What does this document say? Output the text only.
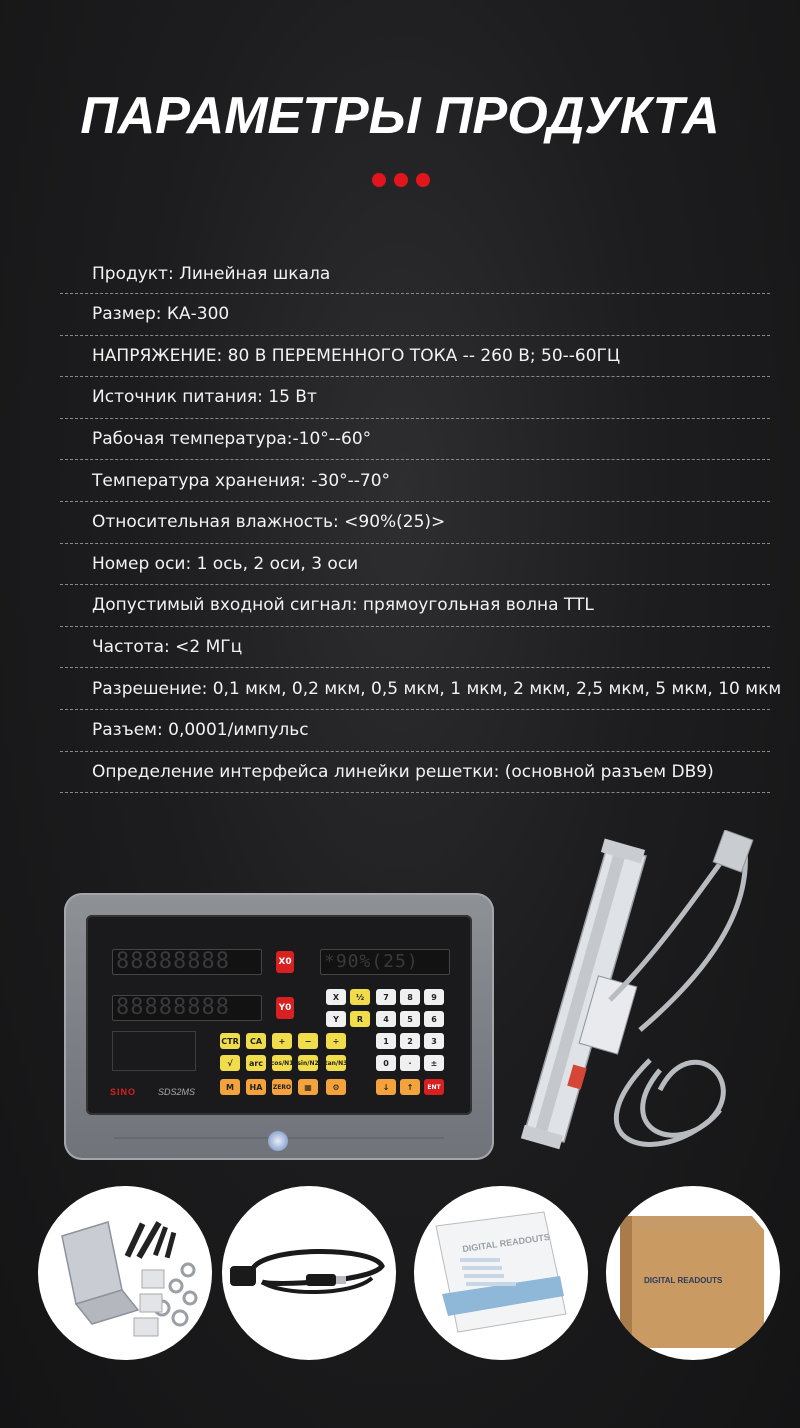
ПАРАМЕТРЫ ПРОДУКТА
Продукт: Линейная шкала
Размер: КА-300
НАПРЯЖЕНИЕ: 80 В ПЕРЕМЕННОГО ТОКА -- 260 В; 50--60ГЦ
Источник питания: 15 Вт
Рабочая температура:-10°--60°
Температура хранения: -30°--70°
Относительная влажность: <90%(25)>
Номер оси: 1 ось, 2 оси, 3 оси
Допустимый входной сигнал: прямоугольная волна TTL
Частота: <2 МГц
Разрешение: 0,1 мкм, 0,2 мкм, 0,5 мкм, 1 мкм, 2 мкм, 2,5 мкм, 5 мкм, 10 мкм
Разъем: 0,0001/импульс
Определение интерфейса линейки решетки: (основной разъем DB9)
88888888	X0 *90%(25)
88888888	Y0
X	½	7	8	9
Y	R	4	5	6
CTR	CA	+	−	÷	1	2	3
√	arc	cos/N1 sin/N2 tan/N3	0	·	±
M	HA	ZERO	▦	⚙	↓	↑	ENT
SINO SDS2MS
DIGITAL READOUTS
DIGITAL READOUTS
